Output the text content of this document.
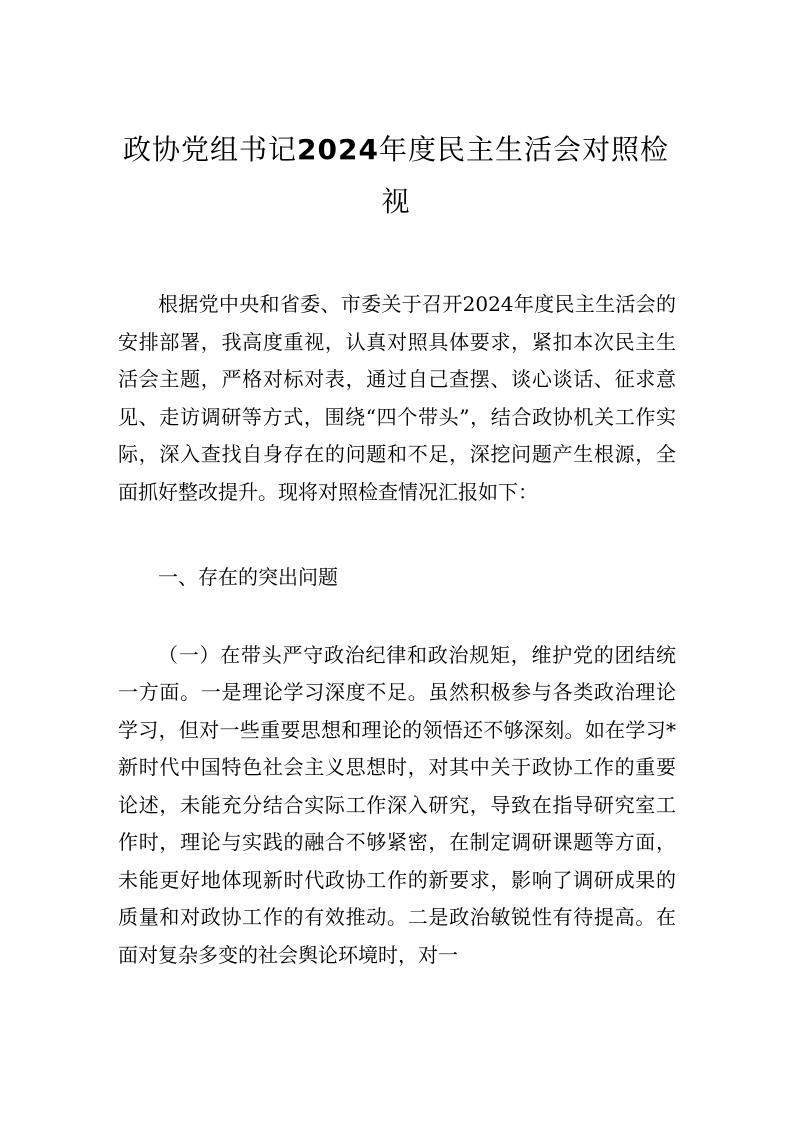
政协党组书记2024年度民主生活会对照检视

根据党中央和省委、市委关于召开2024年度民主生活会的安排部署，我高度重视，认真对照具体要求，紧扣本次民主生活会主题，严格对标对表，通过自己查摆、谈心谈话、征求意见、走访调研等方式，围绕“四个带头”，结合政协机关工作实际，深入查找自身存在的问题和不足，深挖问题产生根源，全面抓好整改提升。现将对照检查情况汇报如下：

一、存在的突出问题

（一）在带头严守政治纪律和政治规矩，维护党的团结统一方面。一是理论学习深度不足。虽然积极参与各类政治理论学习，但对一些重要思想和理论的领悟还不够深刻。如在学习*新时代中国特色社会主义思想时，对其中关于政协工作的重要论述，未能充分结合实际工作深入研究，导致在指导研究室工作时，理论与实践的融合不够紧密，在制定调研课题等方面，未能更好地体现新时代政协工作的新要求，影响了调研成果的质量和对政协工作的有效推动。二是政治敏锐性有待提高。在面对复杂多变的社会舆论环境时，对一
